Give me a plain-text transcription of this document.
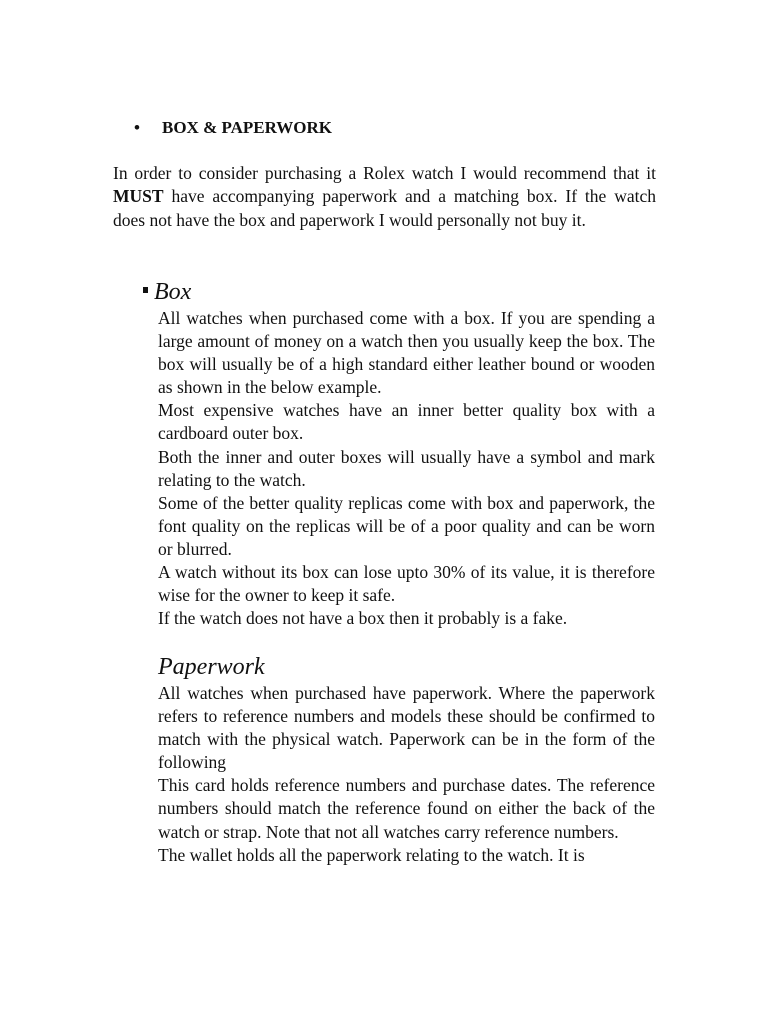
• BOX & PAPERWORK

In order to consider purchasing a Rolex watch I would recommend that it MUST have accompanying paperwork and a matching box. If the watch does not have the box and paperwork I would personally not buy it.

Box

All watches when purchased come with a box. If you are spending a large amount of money on a watch then you usually keep the box. The box will usually be of a high standard either leather bound or wooden as shown in the below example.

Most expensive watches have an inner better quality box with a cardboard outer box.

Both the inner and outer boxes will usually have a symbol and mark relating to the watch.

Some of the better quality replicas come with box and paperwork, the font quality on the replicas will be of a poor quality and can be worn or blurred.

A watch without its box can lose upto 30% of its value, it is therefore wise for the owner to keep it safe.

If the watch does not have a box then it probably is a fake.

Paperwork

All watches when purchased have paperwork. Where the paperwork refers to reference numbers and models these should be confirmed to match with the physical watch. Paperwork can be in the form of the following

This card holds reference numbers and purchase dates. The reference numbers should match the reference found on either the back of the watch or strap. Note that not all watches carry reference numbers.

The wallet holds all the paperwork relating to the watch. It is
